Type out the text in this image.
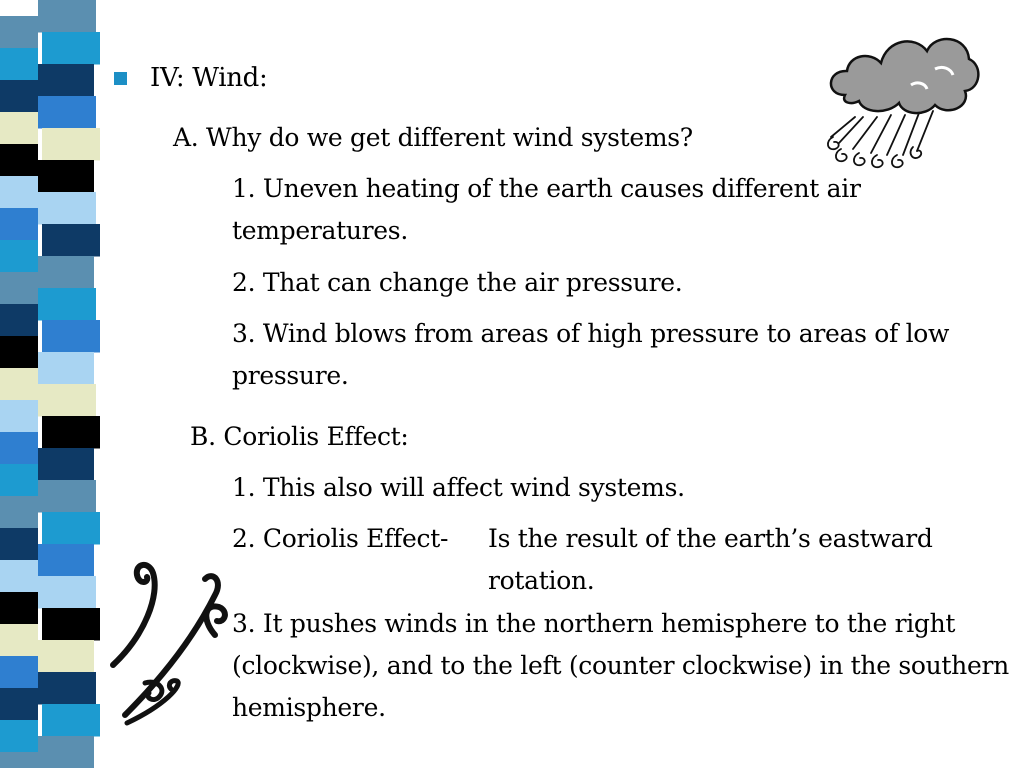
IV: Wind:

A. Why do we get different wind systems?

1. Uneven heating of the earth causes different air temperatures.

2. That can change the air pressure.

3. Wind blows from areas of high pressure to areas of low pressure.

B. Coriolis Effect:

1. This also will affect wind systems.

2. Coriolis Effect- Is the result of the earth’s eastward rotation.

3. It pushes winds in the northern hemisphere to the right (clockwise), and to the left (counter clockwise) in the southern hemisphere.
